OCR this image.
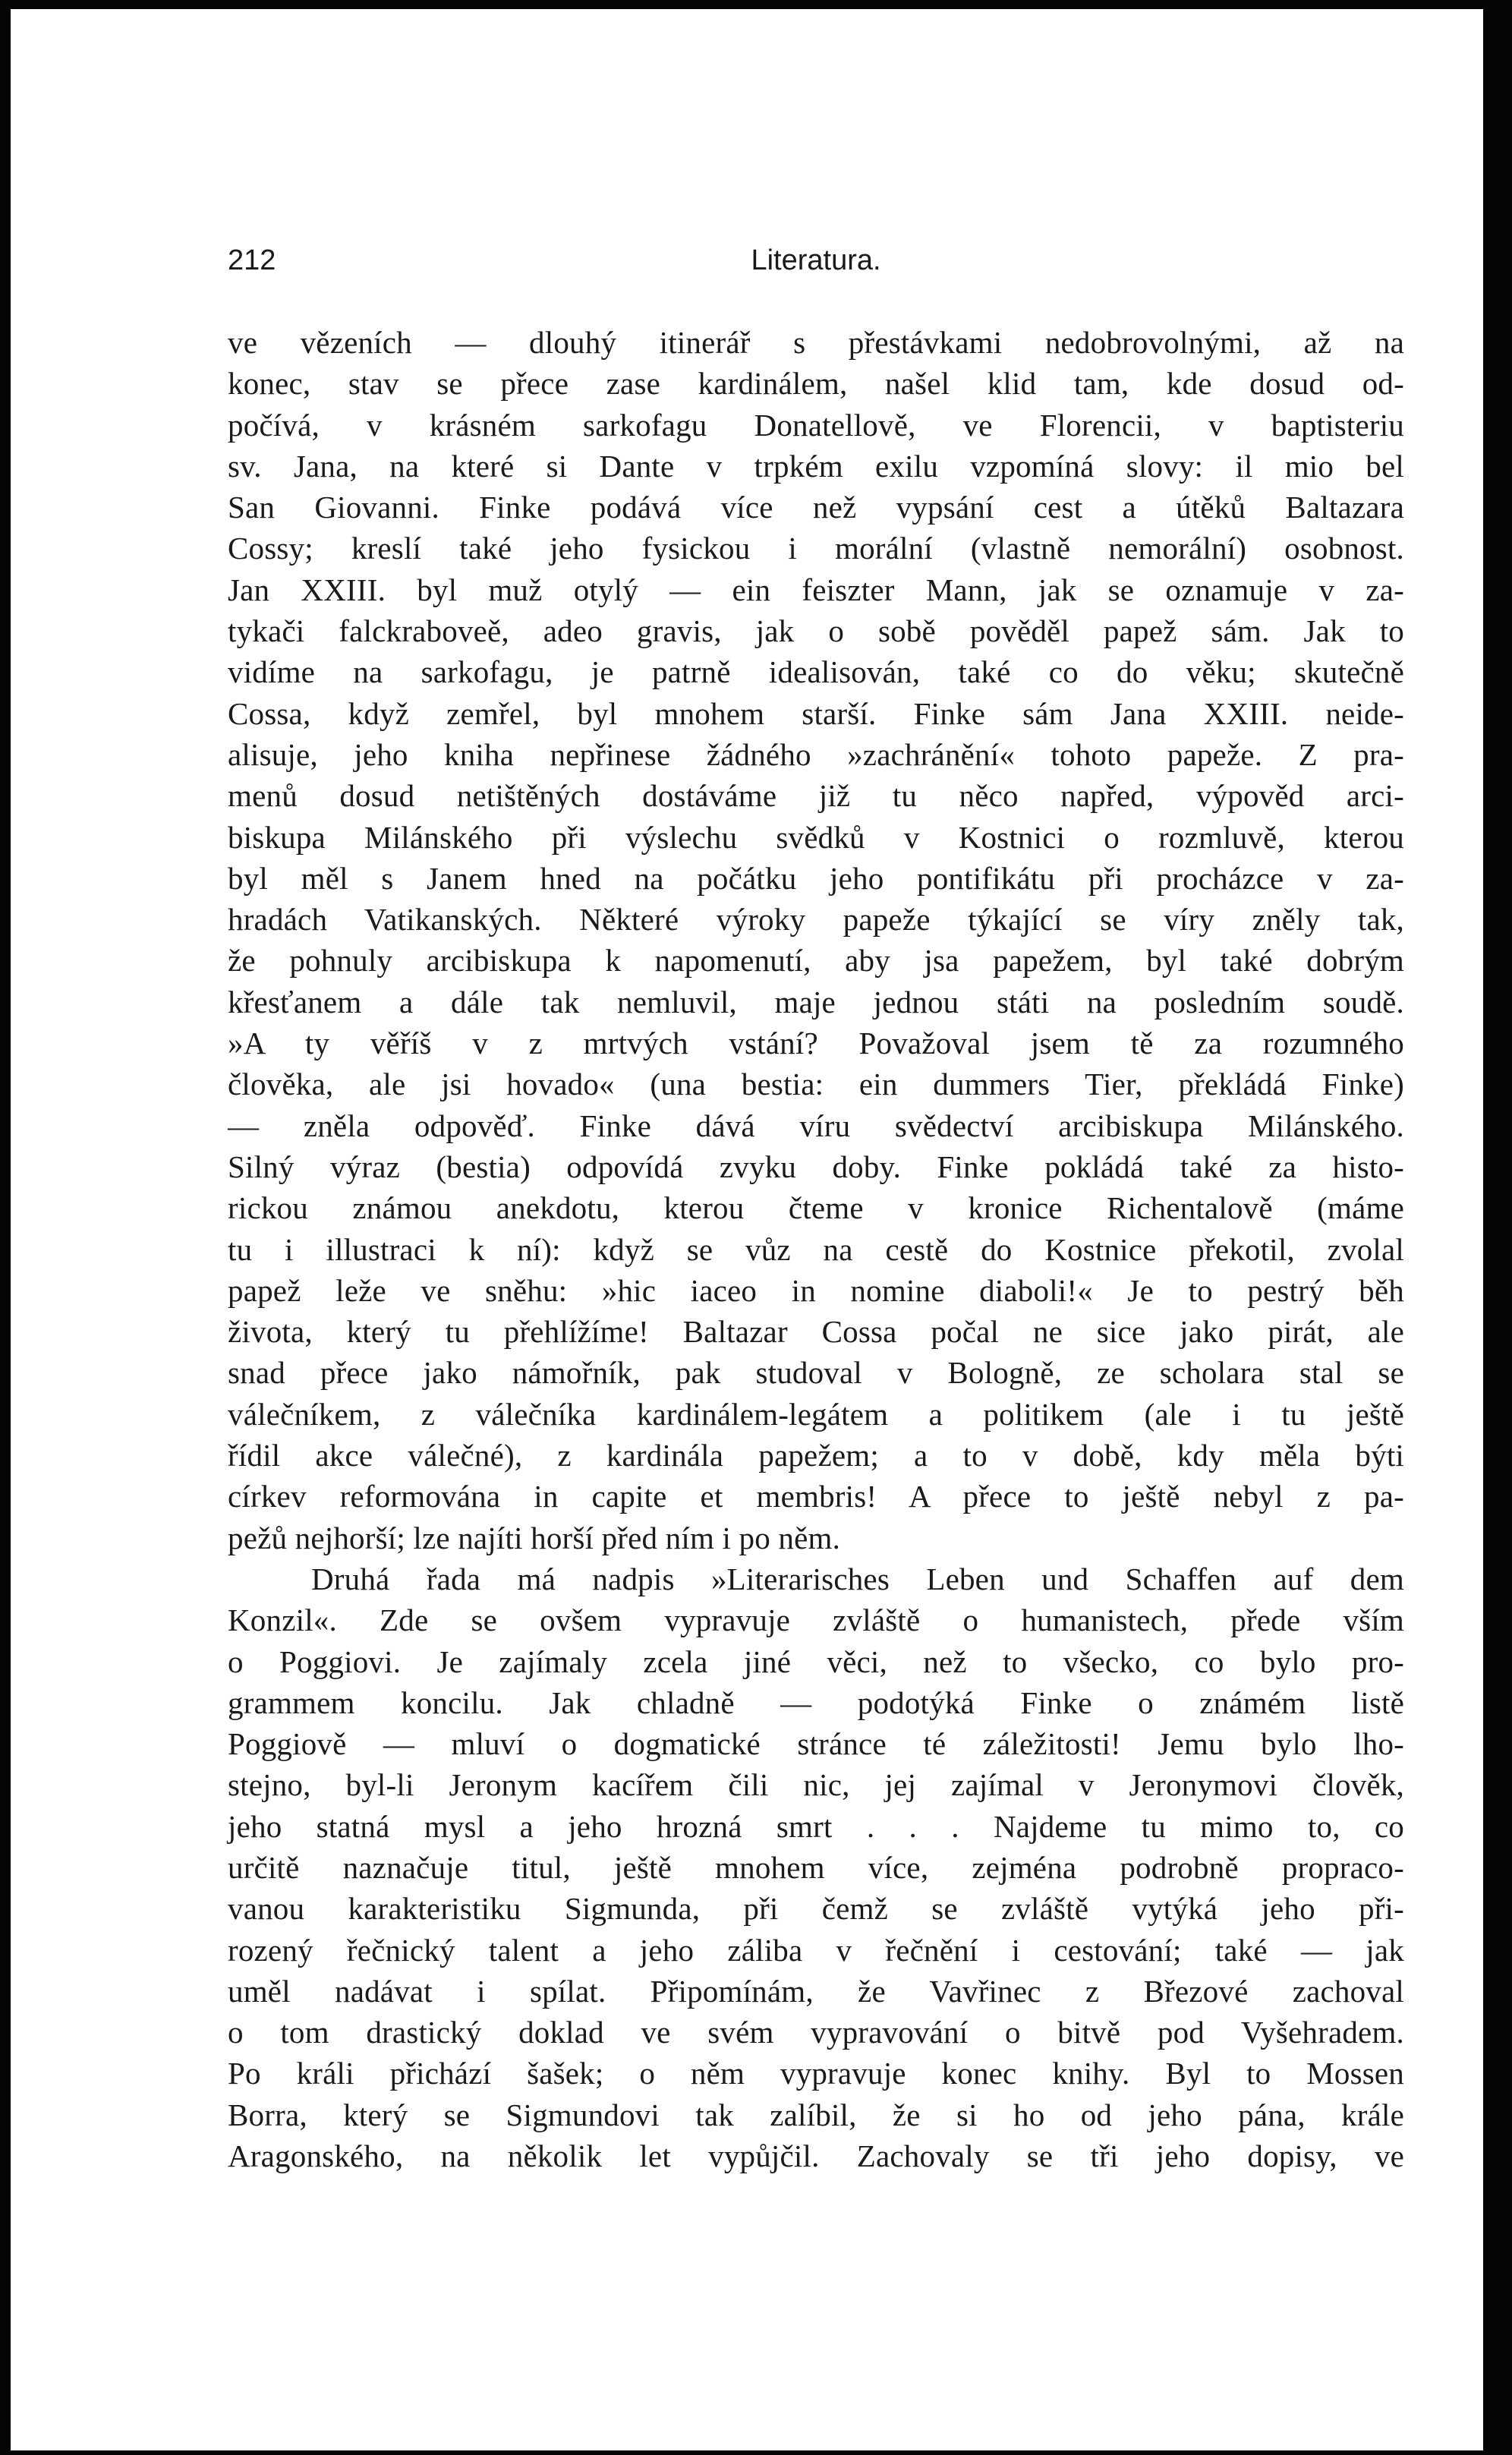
212	Literatura.
ve vězeních — dlouhý itinerář s přestávkami nedobrovolnými, až na
konec, stav se přece zase kardinálem, našel klid tam, kde dosud od-
počívá, v krásném sarkofagu Donatellově, ve Florencii, v baptisteriu
sv. Jana, na které si Dante v trpkém exilu vzpomíná slovy: il mio bel
San Giovanni. Finke podává více než vypsání cest a útěků Baltazara
Cossy; kreslí také jeho fysickou i morální (vlastně nemorální) osobnost.
Jan XXIII. byl muž otylý — ein feiszter Mann, jak se oznamuje v za-
tykači falckraboveě, adeo gravis, jak o sobě pověděl papež sám. Jak to
vidíme na sarkofagu, je patrně idealisován, také co do věku; skutečně
Cossa, když zemřel, byl mnohem starší. Finke sám Jana XXIII. neide-
alisuje, jeho kniha nepřinese žádného »zachránění« tohoto papeže. Z pra-
menů dosud netištěných dostáváme již tu něco napřed, výpověd arci-
biskupa Milánského při výslechu svědků v Kostnici o rozmluvě, kterou
byl měl s Janem hned na počátku jeho pontifikátu při procházce v za-
hradách Vatikanských. Některé výroky papeže týkající se víry zněly tak,
že pohnuly arcibiskupa k napomenutí, aby jsa papežem, byl také dobrým
křesťanem a dále tak nemluvil, maje jednou státi na posledním soudě.
»A ty věříš v z mrtvých vstání? Považoval jsem tě za rozumného
člověka, ale jsi hovado« (una bestia: ein dummers Tier, překládá Finke)
— zněla odpověď. Finke dává víru svědectví arcibiskupa Milánského.
Silný výraz (bestia) odpovídá zvyku doby. Finke pokládá také za histo-
rickou známou anekdotu, kterou čteme v kronice Richentalově (máme
tu i illustraci k ní): když se vůz na cestě do Kostnice překotil, zvolal
papež leže ve sněhu: »hic iaceo in nomine diaboli!« Je to pestrý běh
života, který tu přehlížíme! Baltazar Cossa počal ne sice jako pirát, ale
snad přece jako námořník, pak studoval v Bologně, ze scholara stal se
válečníkem, z válečníka kardinálem-legátem a politikem (ale i tu ještě
řídil akce válečné), z kardinála papežem; a to v době, kdy měla býti
církev reformována in capite et membris! A přece to ještě nebyl z pa-
pežů nejhorší; lze najíti horší před ním i po něm.
Druhá řada má nadpis »Literarisches Leben und Schaffen auf dem
Konzil«. Zde se ovšem vypravuje zvláště o humanistech, přede vším
o Poggiovi. Je zajímaly zcela jiné věci, než to všecko, co bylo pro-
grammem koncilu. Jak chladně — podotýká Finke o známém listě
Poggiově — mluví o dogmatické stránce té záležitosti! Jemu bylo lho-
stejno, byl-li Jeronym kacířem čili nic, jej zajímal v Jeronymovi člověk,
jeho statná mysl a jeho hrozná smrt . . . Najdeme tu mimo to, co
určitě naznačuje titul, ještě mnohem více, zejména podrobně propraco-
vanou karakteristiku Sigmunda, při čemž se zvláště vytýká jeho při-
rozený řečnický talent a jeho záliba v řečnění i cestování; také — jak
uměl nadávat i spílat. Připomínám, že Vavřinec z Březové zachoval
o tom drastický doklad ve svém vypravování o bitvě pod Vyšehradem.
Po králi přichází šašek; o něm vypravuje konec knihy. Byl to Mossen
Borra, který se Sigmundovi tak zalíbil, že si ho od jeho pána, krále
Aragonského, na několik let vypůjčil. Zachovaly se tři jeho dopisy, ve
